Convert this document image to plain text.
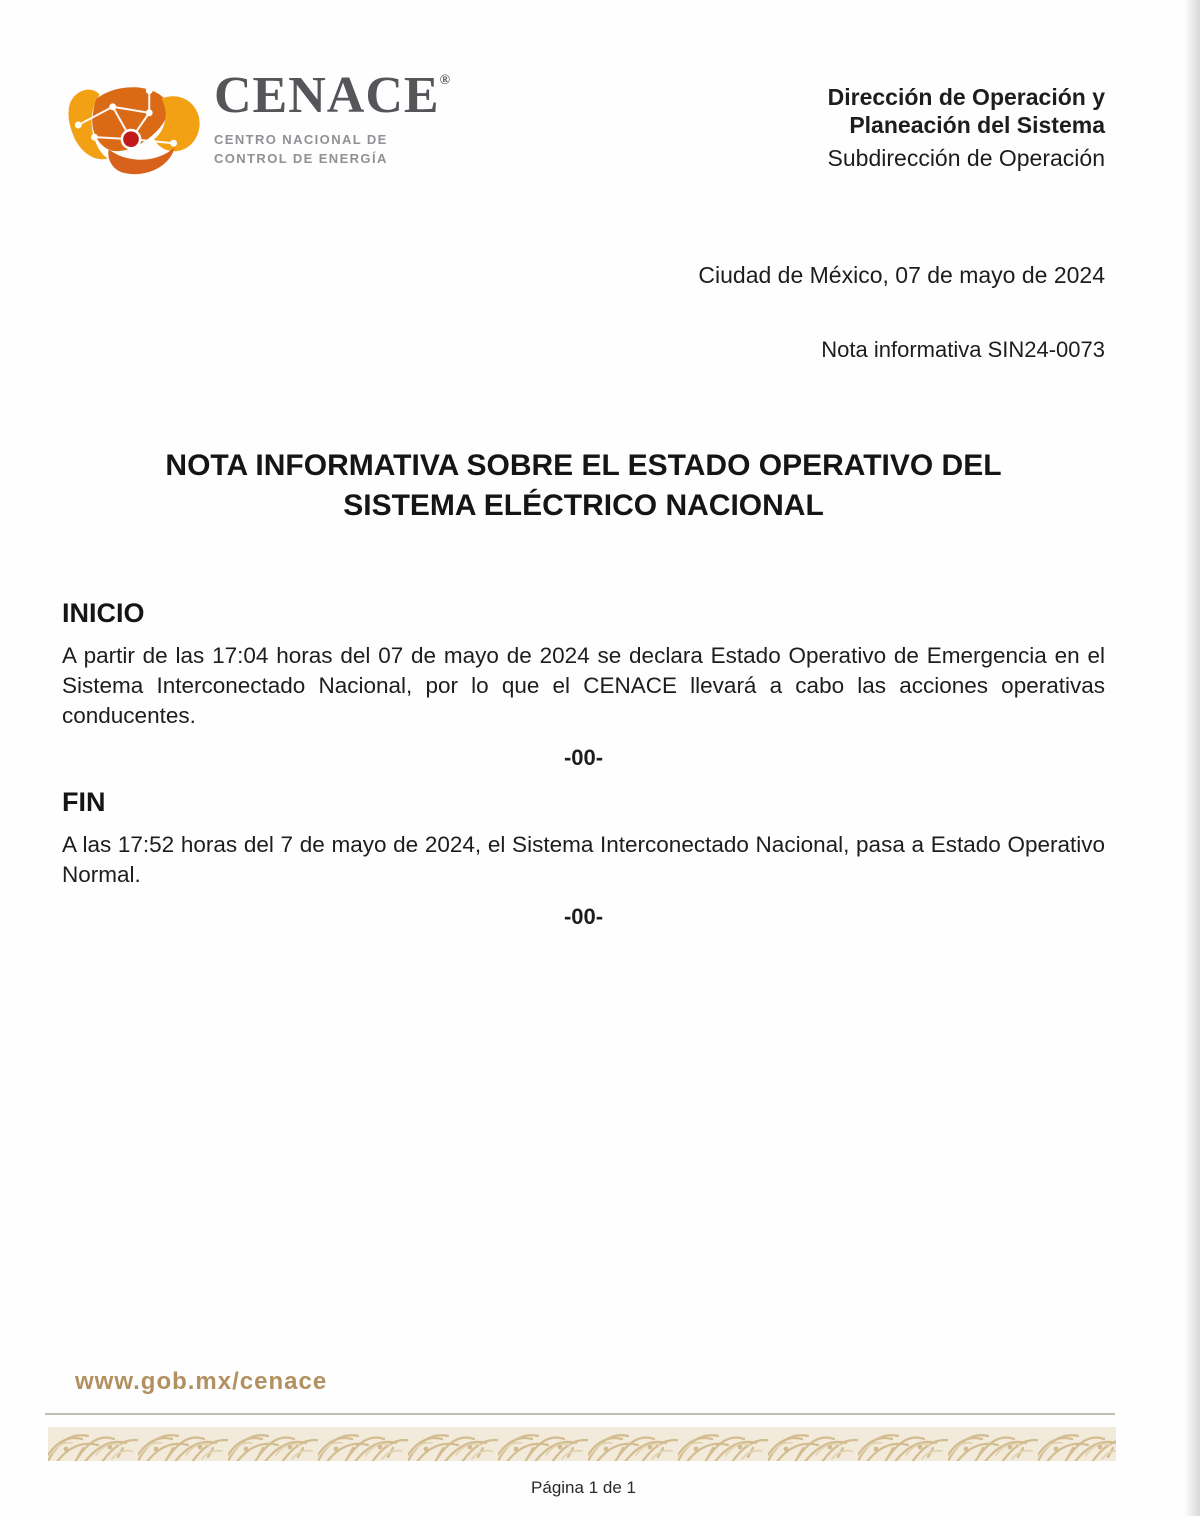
CENACE®
CENTRO NACIONAL DE
CONTROL DE ENERGÍA
Dirección de Operación y
Planeación del Sistema
Subdirección de Operación
Ciudad de México, 07 de mayo de 2024
Nota informativa SIN24-0073
NOTA INFORMATIVA SOBRE EL ESTADO OPERATIVO DEL
SISTEMA ELÉCTRICO NACIONAL
INICIO

A partir de las 17:04 horas del 07 de mayo de 2024 se declara Estado Operativo de Emergencia en el Sistema Interconectado Nacional, por lo que el CENACE llevará a cabo las acciones operativas conducentes.

-00-
FIN

A las 17:52 horas del 7 de mayo de 2024, el Sistema Interconectado Nacional, pasa a Estado Operativo Normal.

-00-
www.gob.mx/cenace
Página 1 de 1
